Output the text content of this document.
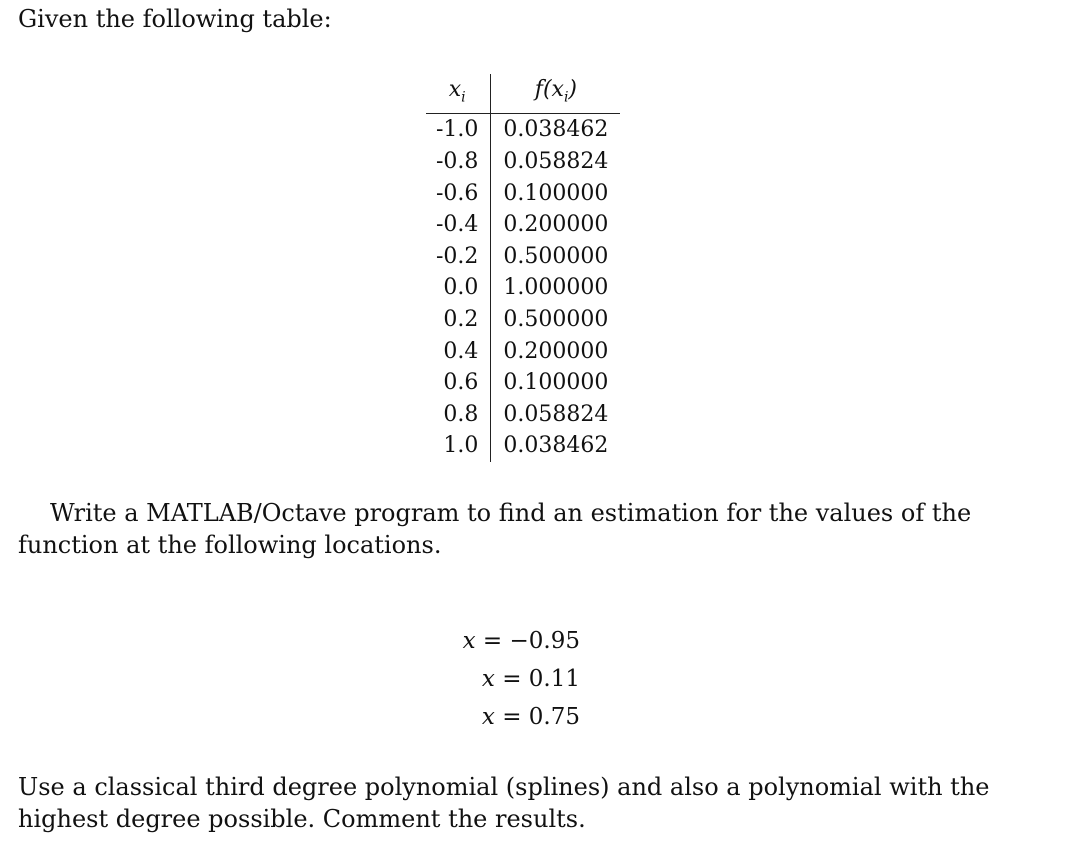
Given the following table:

$x_i$	$f(x_i)$
-1.0	0.038462
-0.8	0.058824
-0.6	0.100000
-0.4	0.200000
-0.2	0.500000
0.0	1.000000
0.2	0.500000
0.4	0.200000
0.6	0.100000
0.8	0.058824
1.0	0.038462

Write a MATLAB/Octave program to find an estimation for the values of the function at the following locations.

x = −0.95
x = 0.11
x = 0.75

Use a classical third degree polynomial (splines) and also a polynomial with the highest degree possible. Comment the results.
